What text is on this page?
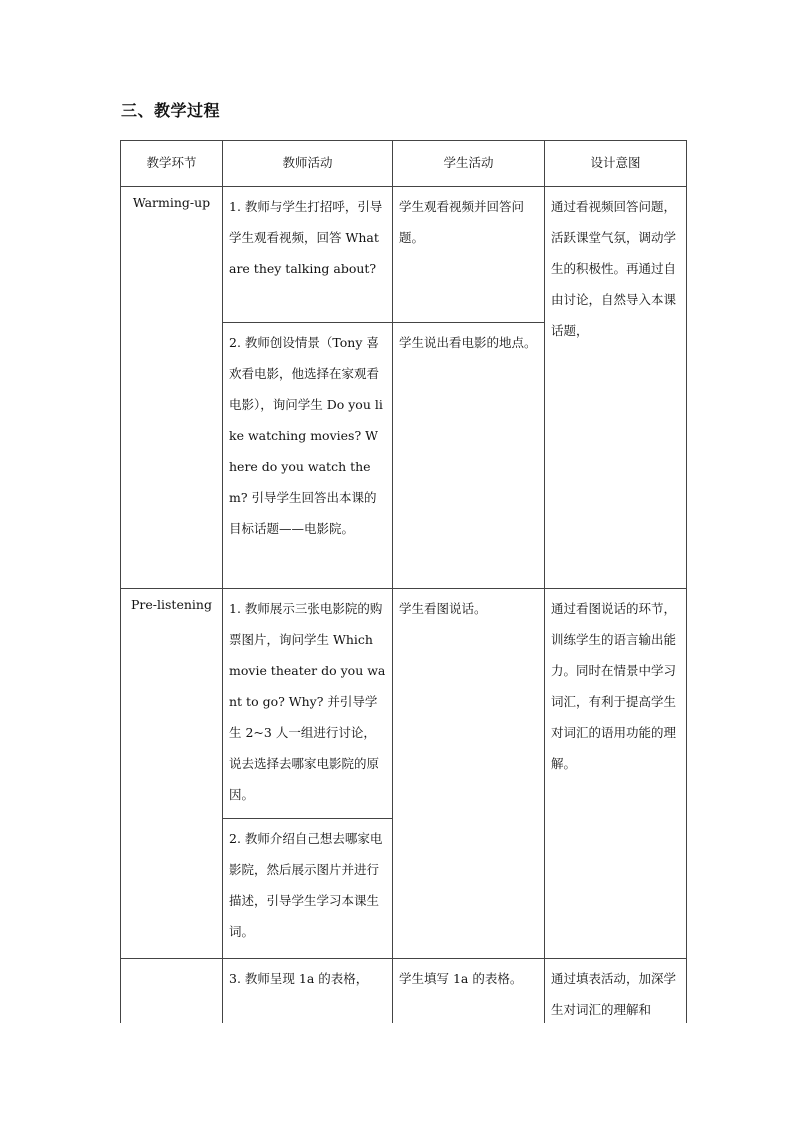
三、教学过程
教学环节	教师活动	学生活动	设计意图

Warming-up	1. 教师与学生打招呼，引导学生观看视频，回答 What are they talking about?	学生观看视频并回答问题。	通过看视频回答问题，活跃课堂气氛，调动学生的积极性。再通过自由讨论，自然导入本课话题，

	2. 教师创设情景（Tony 喜欢看电影，他选择在家观看电影），询问学生 Do you like watching movies? Where do you watch them? 引导学生回答出本课的目标话题——电影院。	学生说出看电影的地点。	

Pre-listening	1. 教师展示三张电影院的购票图片，询问学生 Which movie theater do you want to go? Why? 并引导学生 2~3 人一组进行讨论，说去选择去哪家电影院的原因。	学生看图说话。	通过看图说话的环节，训练学生的语言输出能力。同时在情景中学习词汇，有利于提高学生对词汇的语用功能的理解。

	2. 教师介绍自己想去哪家电影院，然后展示图片并进行描述，引导学生学习本课生词。		

	3. 教师呈现 1a 的表格，	学生填写 1a 的表格。	通过填表活动，加深学生对词汇的理解和
